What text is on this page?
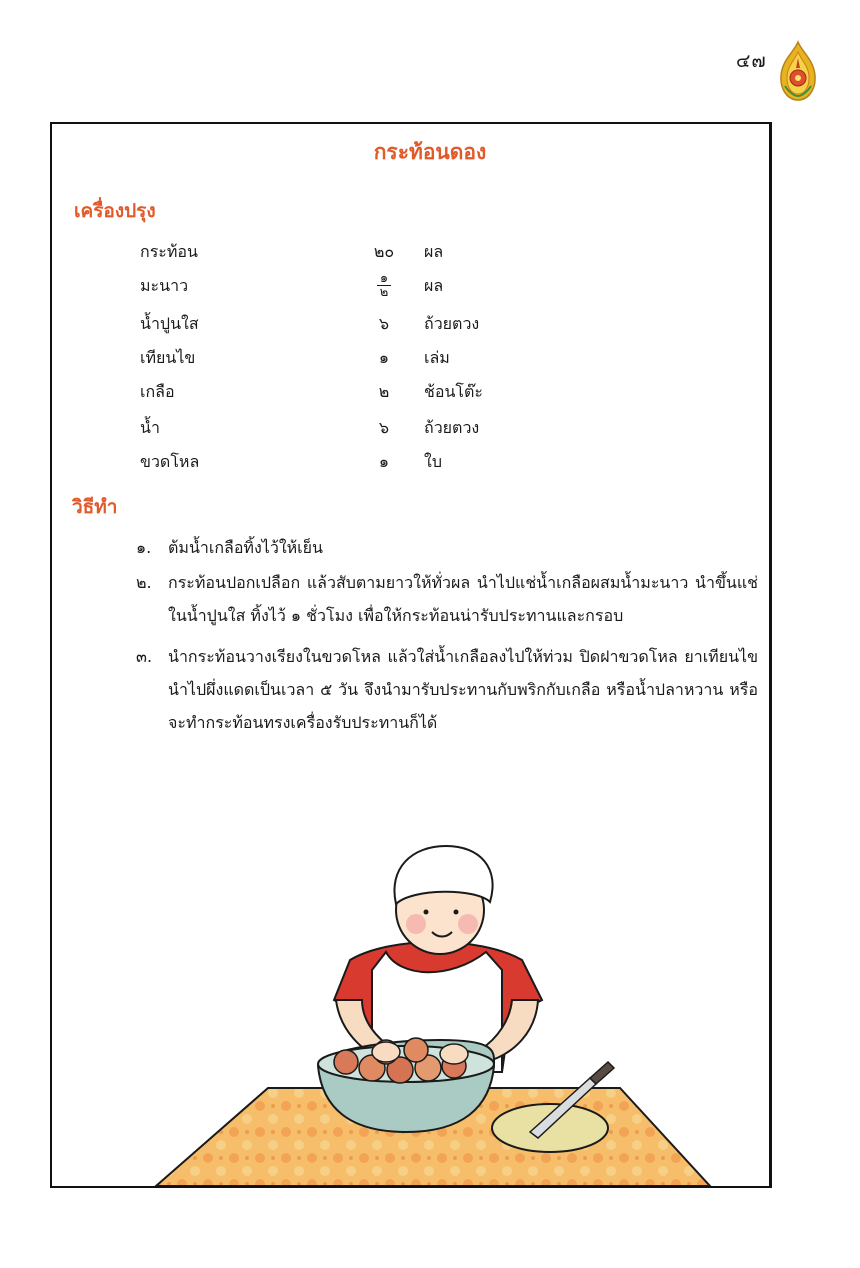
๔๗
กระท้อนดอง
เครื่องปรุง
กระท้อน	๒๐	ผล
มะนาว	$\frac{๑}{๒}$ ผล
น้ำปูนใส	๖	ถ้วยตวง
เทียนไข	๑	เล่ม
เกลือ	๒	ช้อนโต๊ะ
น้ำ	๖	ถ้วยตวง
ขวดโหล	๑	ใบ
วิธีทำ
๑. ต้มน้ำเกลือทิ้งไว้ให้เย็น
๒. กระท้อนปอกเปลือก แล้วสับตามยาวให้ทั่วผล นำไปแช่น้ำเกลือผสมน้ำมะนาว นำขึ้นแช่ในน้ำปูนใส ทิ้งไว้ ๑ ชั่วโมง เพื่อให้กระท้อนน่ารับประทานและกรอบ
๓. นำกระท้อนวางเรียงในขวดโหล แล้วใส่น้ำเกลือลงไปให้ท่วม ปิดฝาขวดโหล ยาเทียนไข นำไปผึ่งแดดเป็นเวลา ๕ วัน จึงนำมารับประทานกับพริกกับเกลือ หรือน้ำปลาหวาน หรือจะทำกระท้อนทรงเครื่องรับประทานก็ได้
